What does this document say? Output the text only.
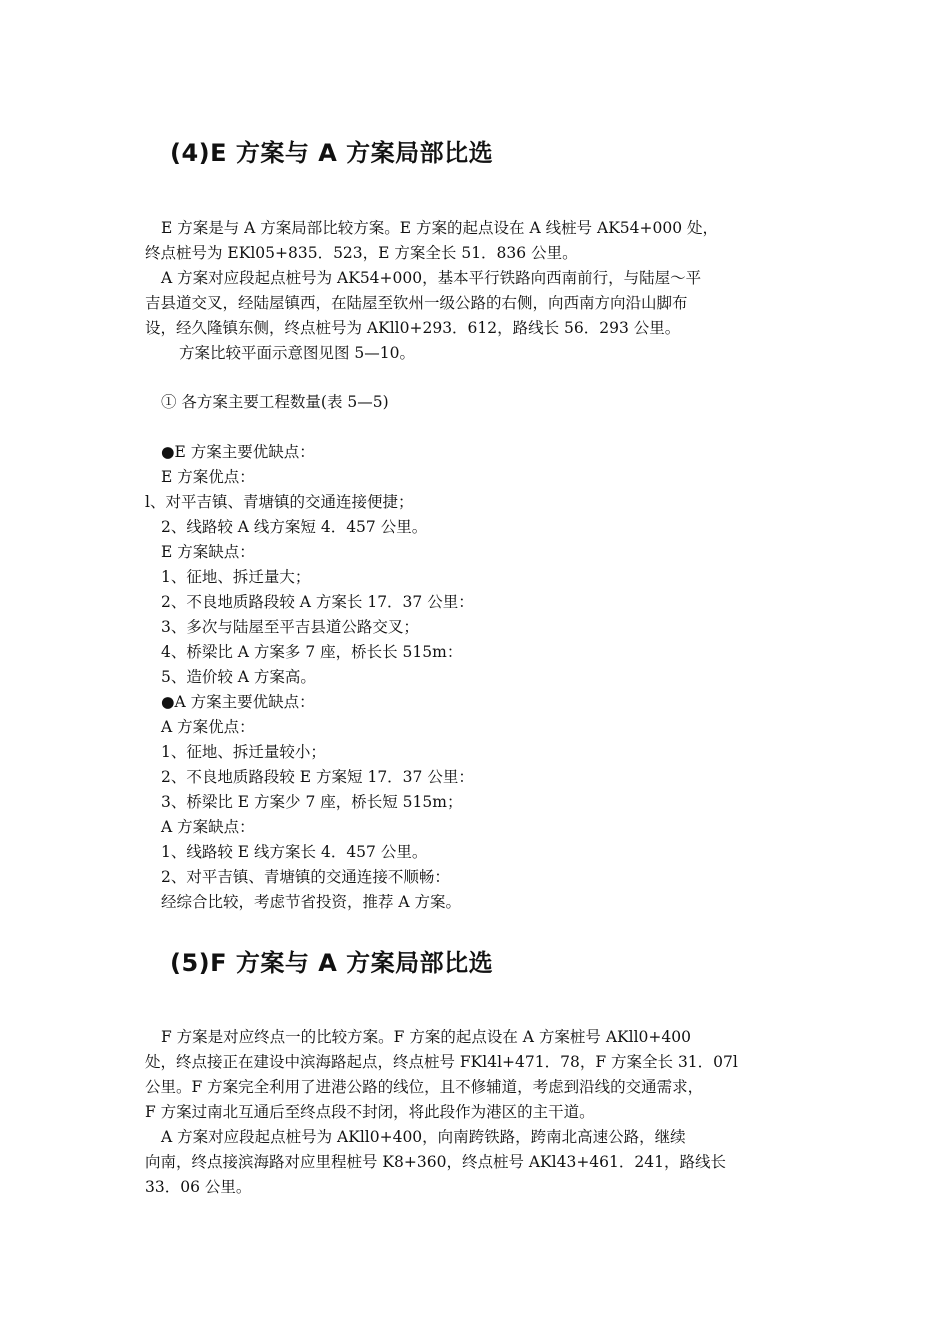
(4)E 方案与 A 方案局部比选
E 方案是与 A 方案局部比较方案。E 方案的起点设在 A 线桩号 AK54+000 处，
终点桩号为 EKl05+835．523，E 方案全长 51．836 公里。
A 方案对应段起点桩号为 AK54+000，基本平行铁路向西南前行，与陆屋～平
吉县道交叉，经陆屋镇西，在陆屋至钦州一级公路的右侧，向西南方向沿山脚布
设，经久隆镇东侧，终点桩号为 AKll0+293．612，路线长 56．293 公里。
方案比较平面示意图见图 5—10。
① 各方案主要工程数量(表 5—5)
●E 方案主要优缺点：
E 方案优点：
l、对平吉镇、青塘镇的交通连接便捷；
2、线路较 A 线方案短 4．457 公里。
E 方案缺点：
1、征地、拆迁量大；
2、不良地质路段较 A 方案长 17．37 公里：
3、多次与陆屋至平吉县道公路交叉；
4、桥梁比 A 方案多 7 座，桥长长 515m：
5、造价较 A 方案高。
●A 方案主要优缺点：
A 方案优点：
1、征地、拆迁量较小；
2、不良地质路段较 E 方案短 17．37 公里：
3、桥梁比 E 方案少 7 座，桥长短 515m；
A 方案缺点：
1、线路较 E 线方案长 4．457 公里。
2、对平吉镇、青塘镇的交通连接不顺畅：
经综合比较，考虑节省投资，推荐 A 方案。
(5)F 方案与 A 方案局部比选
F 方案是对应终点一的比较方案。F 方案的起点设在 A 方案桩号 AKll0+400
处，终点接正在建设中滨海路起点，终点桩号 FKl4l+471．78，F 方案全长 31．07l
公里。F 方案完全利用了进港公路的线位，且不修辅道，考虑到沿线的交通需求，
F 方案过南北互通后至终点段不封闭，将此段作为港区的主干道。
A 方案对应段起点桩号为 AKll0+400，向南跨铁路，跨南北高速公路，继续
向南，终点接滨海路对应里程桩号 K8+360，终点桩号 AKl43+461．241，路线长
33．06 公里。
